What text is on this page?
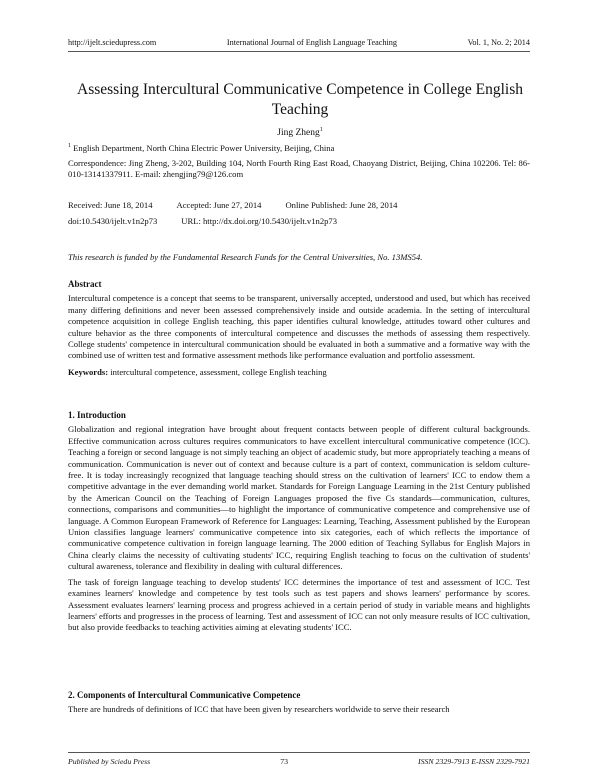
http://ijelt.sciedupress.com	International Journal of English Language Teaching	Vol. 1, No. 2; 2014
Assessing Intercultural Communicative Competence in College English Teaching
Jing Zheng$^1$
$^1$ English Department, North China Electric Power University, Beijing, China
Correspondence: Jing Zheng, 3-202, Building 104, North Fourth Ring East Road, Chaoyang District, Beijing, China 102206. Tel: 86-010-13141337911. E-mail: zhengjing79@126.com
Received: June 18, 2014	Accepted: June 27, 2014	Online Published: June 28, 2014
doi:10.5430/ijelt.v1n2p73	URL: http://dx.doi.org/10.5430/ijelt.v1n2p73
This research is funded by the Fundamental Research Funds for the Central Universities, No. 13MS54.
Abstract

Intercultural competence is a concept that seems to be transparent, universally accepted, understood and used, but which has received many differing definitions and never been assessed comprehensively inside and outside academia. In the setting of intercultural competence acquisition in college English teaching, this paper identifies cultural knowledge, attitudes toward other cultures and culture behavior as the three components of intercultural competence and discusses the methods of assessing them respectively. College students' competence in intercultural communication should be evaluated in both a summative and a formative way with the combined use of written test and formative assessment methods like performance evaluation and portfolio assessment.

Keywords: intercultural competence, assessment, college English teaching

1. Introduction

Globalization and regional integration have brought about frequent contacts between people of different cultural backgrounds. Effective communication across cultures requires communicators to have excellent intercultural communicative competence (ICC). Teaching a foreign or second language is not simply teaching an object of academic study, but more appropriately teaching a means of communication. Communication is never out of context and because culture is a part of context, communication is seldom culture-free. It is today increasingly recognized that language teaching should stress on the cultivation of learners' ICC to endow them a competitive advantage in the ever demanding world market. Standards for Foreign Language Learning in the 21st Century published by the American Council on the Teaching of Foreign Languages proposed the five Cs standards—communication, cultures, connections, comparisons and communities—to highlight the importance of communicative competence and comprehensive use of language. A Common European Framework of Reference for Languages: Learning, Teaching, Assessment published by the European Union classifies language learners' communicative competence into six categories, each of which reflects the importance of communicative competence cultivation in foreign language learning. The 2000 edition of Teaching Syllabus for English Majors in China clearly claims the necessity of cultivating students' ICC, requiring English teaching to focus on the cultivation of students' cultural awareness, tolerance and flexibility in dealing with cultural differences.

The task of foreign language teaching to develop students' ICC determines the importance of test and assessment of ICC. Test examines learners' knowledge and competence by test tools such as test papers and shows learners' performance by scores. Assessment evaluates learners' learning process and progress achieved in a certain period of study in variable means and highlights learners' efforts and progresses in the process of learning. Test and assessment of ICC can not only measure results of ICC cultivation, but also provide feedbacks to teaching activities aiming at elevating students' ICC.

2. Components of Intercultural Communicative Competence

There are hundreds of definitions of ICC that have been given by researchers worldwide to serve their research

Published by Sciedu Press	73	ISSN 2329-7913 E-ISSN 2329-7921
